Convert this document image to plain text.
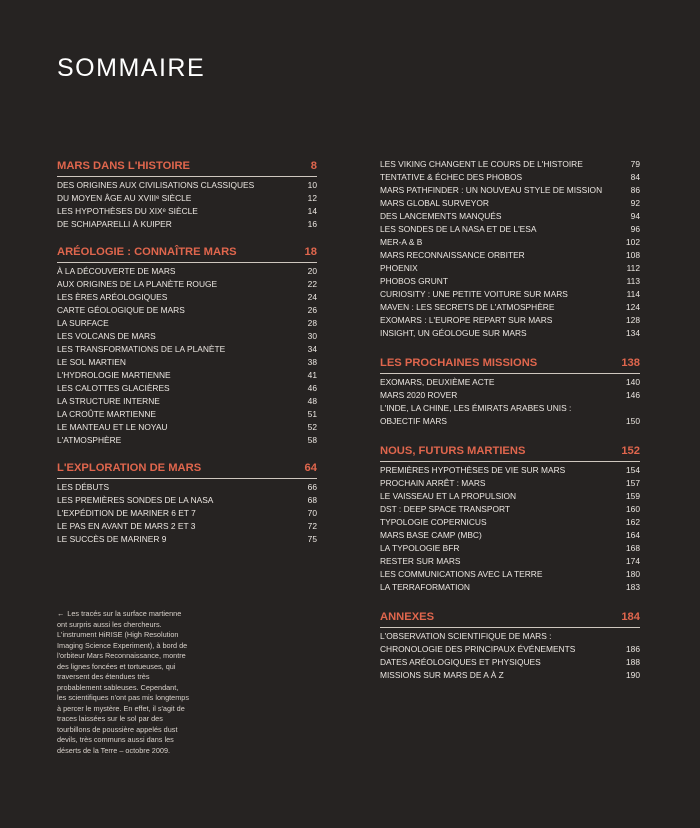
SOMMAIRE
MARS DANS L'HISTOIRE	8
DES ORIGINES AUX CIVILISATIONS CLASSIQUES	10
DU MOYEN ÂGE AU XVIIIᵉ SIÈCLE	12
LES HYPOTHÈSES DU XIXᵉ SIÈCLE	14
DE SCHIAPARELLI À KUIPER	16
ARÉOLOGIE : CONNAÎTRE MARS	18
À LA DÉCOUVERTE DE MARS	20
AUX ORIGINES DE LA PLANÈTE ROUGE	22
LES ÈRES ARÉOLOGIQUES	24
CARTE GÉOLOGIQUE DE MARS	26
LA SURFACE	28
LES VOLCANS DE MARS	30
LES TRANSFORMATIONS DE LA PLANÈTE	34
LE SOL MARTIEN	38
L'HYDROLOGIE MARTIENNE	41
LES CALOTTES GLACIÈRES	46
LA STRUCTURE INTERNE	48
LA CROÛTE MARTIENNE	51
LE MANTEAU ET LE NOYAU	52
L'ATMOSPHÈRE	58
L'EXPLORATION DE MARS	64
LES DÉBUTS	66
LES PREMIÈRES SONDES DE LA NASA	68
L'EXPÉDITION DE MARINER 6 ET 7	70
LE PAS EN AVANT DE MARS 2 ET 3	72
LE SUCCÈS DE MARINER 9	75
LES VIKING CHANGENT LE COURS DE L'HISTOIRE	79
TENTATIVE & ÉCHEC DES PHOBOS	84
MARS PATHFINDER : UN NOUVEAU STYLE DE MISSION	86
MARS GLOBAL SURVEYOR	92
DES LANCEMENTS MANQUÉS	94
LES SONDES DE LA NASA ET DE L'ESA	96
MER-A & B	102
MARS RECONNAISSANCE ORBITER	108
PHOENIX	112
PHOBOS GRUNT	113
CURIOSITY : UNE PETITE VOITURE SUR MARS	114
MAVEN : LES SECRETS DE L'ATMOSPHÈRE	124
EXOMARS : L'EUROPE REPART SUR MARS	128
INSIGHT, UN GÉOLOGUE SUR MARS	134
LES PROCHAINES MISSIONS	138
EXOMARS, DEUXIÈME ACTE	140
MARS 2020 ROVER	146
L'INDE, LA CHINE, LES ÉMIRATS ARABES UNIS :
OBJECTIF MARS	150
NOUS, FUTURS MARTIENS	152
PREMIÈRES HYPOTHÈSES DE VIE SUR MARS	154
PROCHAIN ARRÊT : MARS	157
LE VAISSEAU ET LA PROPULSION	159
DST : DEEP SPACE TRANSPORT	160
TYPOLOGIE COPERNICUS	162
MARS BASE CAMP (MBC)	164
LA TYPOLOGIE BFR	168
RESTER SUR MARS	174
LES COMMUNICATIONS AVEC LA TERRE	180
LA TERRAFORMATION	183
ANNEXES	184
L'OBSERVATION SCIENTIFIQUE DE MARS :
CHRONOLOGIE DES PRINCIPAUX ÉVÉNEMENTS	186
DATES ARÉOLOGIQUES ET PHYSIQUES	188
MISSIONS SUR MARS DE A À Z	190
← Les tracés sur la surface martienne ont surpris aussi les chercheurs. L'instrument HiRISE (High Resolution Imaging Science Experiment), à bord de l'orbiteur Mars Reconnaissance, montre des lignes foncées et tortueuses, qui traversent des étendues très probablement sableuses. Cependant, les scientifiques n'ont pas mis longtemps à percer le mystère. En effet, il s'agit de traces laissées sur le sol par des tourbillons de poussière appelés dust devils, très communs aussi dans les déserts de la Terre – octobre 2009.
